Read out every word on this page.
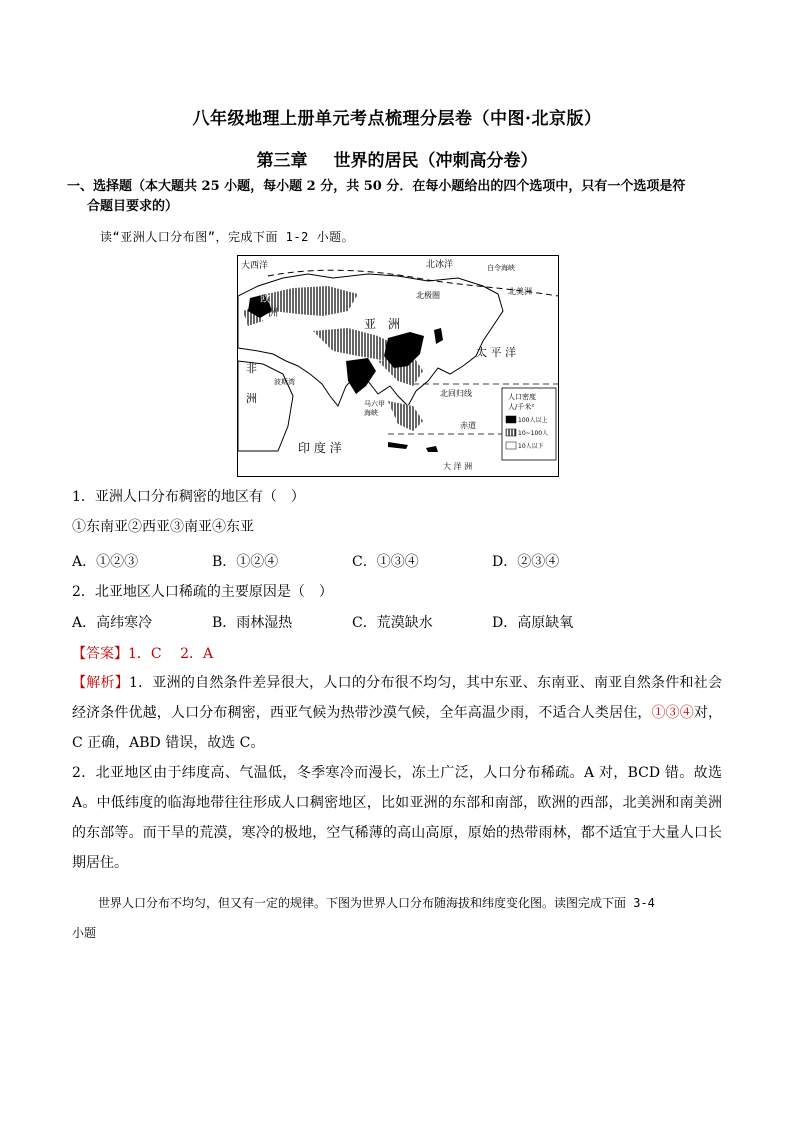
八年级地理上册单元考点梳理分层卷（中图·北京版）
第三章 世界的居民（冲刺高分卷）
一、选择题（本大题共 25 小题，每小题 2 分，共 50 分．在每小题给出的四个选项中，只有一个选项是符
合题目要求的）
读“亚洲人口分布图”，完成下面 1-2 小题。
大西洋	北冰洋	白令海峡
北美洲
北极圈
欧
洲
亚 洲
太 平 洋
非
洲
波斯湾
北回归线
马六甲
海峡
赤道
印 度 洋
大 洋 洲
人口密度
人/千米²
100人以上
10~100人
10人以下
1．亚洲人口分布稠密的地区有（　）
①东南亚②西亚③南亚④东亚
A．①②③	B．①②④	C．①③④	D．②③④
2．北亚地区人口稀疏的主要原因是（　）
A．高纬寒冷	B．雨林湿热	C．荒漠缺水	D．高原缺氧
【答案】1．C　 2．A

【解析】1．亚洲的自然条件差异很大，人口的分布很不均匀，其中东亚、东南亚、南亚自然条件和社会经济条件优越，人口分布稠密，西亚气候为热带沙漠气候，全年高温少雨，不适合人类居住，①③④对，C 正确，ABD 错误，故选 C。

2．北亚地区由于纬度高、气温低，冬季寒冷而漫长，冻土广泛，人口分布稀疏。A 对，BCD 错。故选 A。中低纬度的临海地带往往形成人口稠密地区，比如亚洲的东部和南部，欧洲的西部，北美洲和南美洲的东部等。而干旱的荒漠，寒冷的极地，空气稀薄的高山高原，原始的热带雨林，都不适宜于大量人口长期居住。

世界人口分布不均匀，但又有一定的规律。下图为世界人口分布随海拔和纬度变化图。读图完成下面 3-4
小题
